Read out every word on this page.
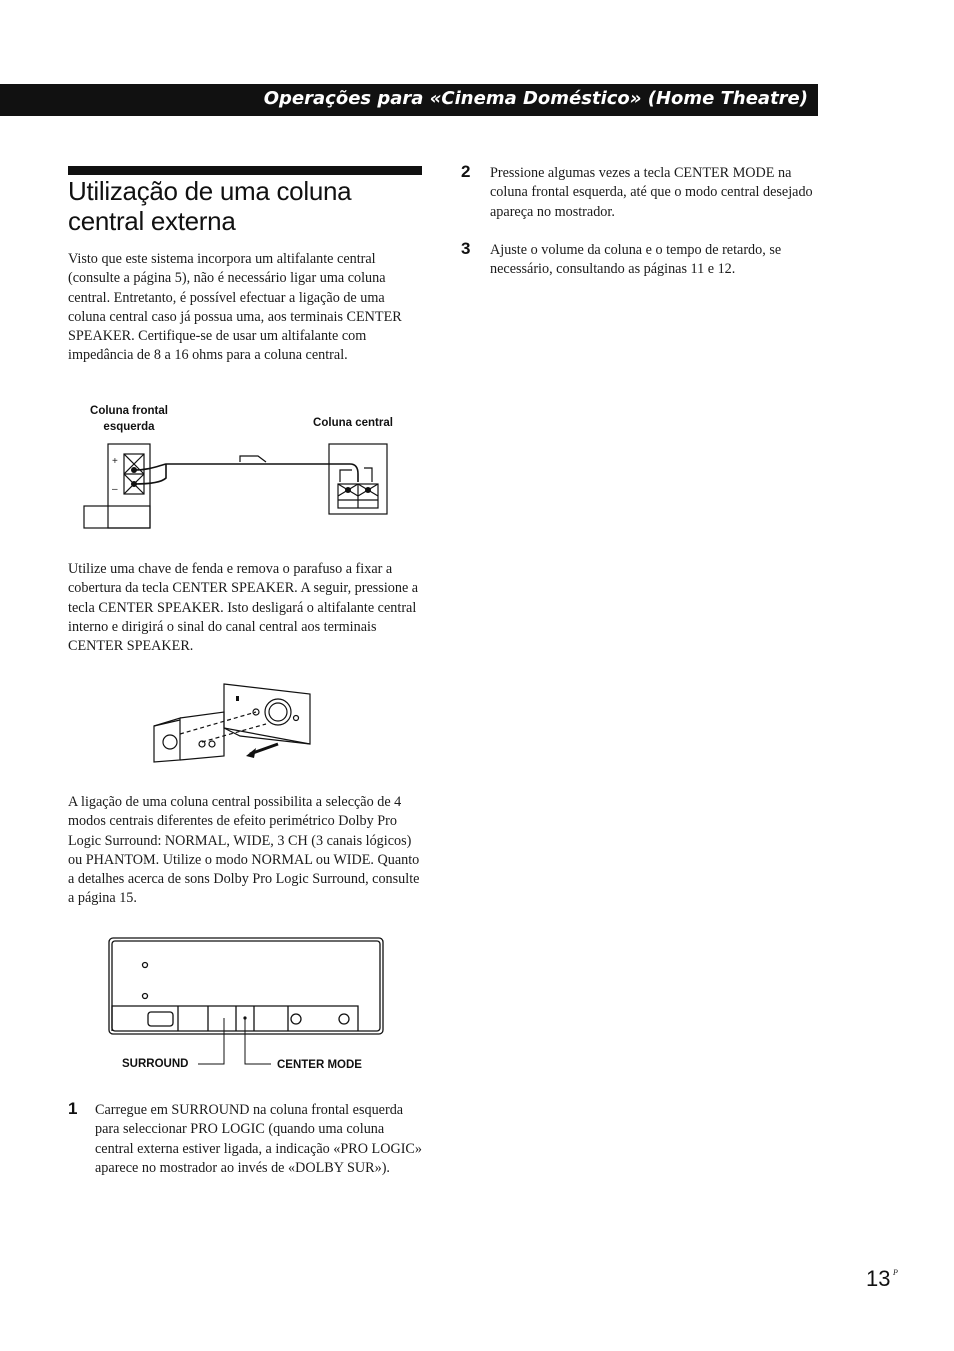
Operações para «Cinema Doméstico» (Home Theatre)
Utilização de uma coluna
central externa

Visto que este sistema incorpora um altifalante central (consulte a página 5), não é necessário ligar uma coluna central. Entretanto, é possível efectuar a ligação de uma coluna central caso já possua uma, aos terminais CENTER SPEAKER. Certifique-se de usar um altifalante com impedância de 8 a 16 ohms para a coluna central.

Coluna frontal
esquerda	Coluna central
+
–

Utilize uma chave de fenda e remova o parafuso a fixar a cobertura da tecla CENTER SPEAKER. A seguir, pressione a tecla CENTER SPEAKER. Isto desligará o altifalante central interno e dirigirá o sinal do canal central aos terminais CENTER SPEAKER.

A ligação de uma coluna central possibilita a selecção de 4 modos centrais diferentes de efeito perimétrico Dolby Pro Logic Surround: NORMAL, WIDE, 3 CH (3 canais lógicos) ou PHANTOM. Utilize o modo NORMAL ou WIDE. Quanto a detalhes acerca de sons Dolby Pro Logic Surround, consulte a página 15.

SURROUND	CENTER MODE
1 Carregue em SURROUND na coluna frontal esquerda para seleccionar PRO LOGIC (quando uma coluna central externa estiver ligada, a indicação «PRO LOGIC» aparece no mostrador ao invés de «DOLBY SUR»).

2 Pressione algumas vezes a tecla CENTER MODE na coluna frontal esquerda, até que o modo central desejado apareça no mostrador.

3 Ajuste o volume da coluna e o tempo de retardo, se necessário, consultando as páginas 11 e 12.

13 P
